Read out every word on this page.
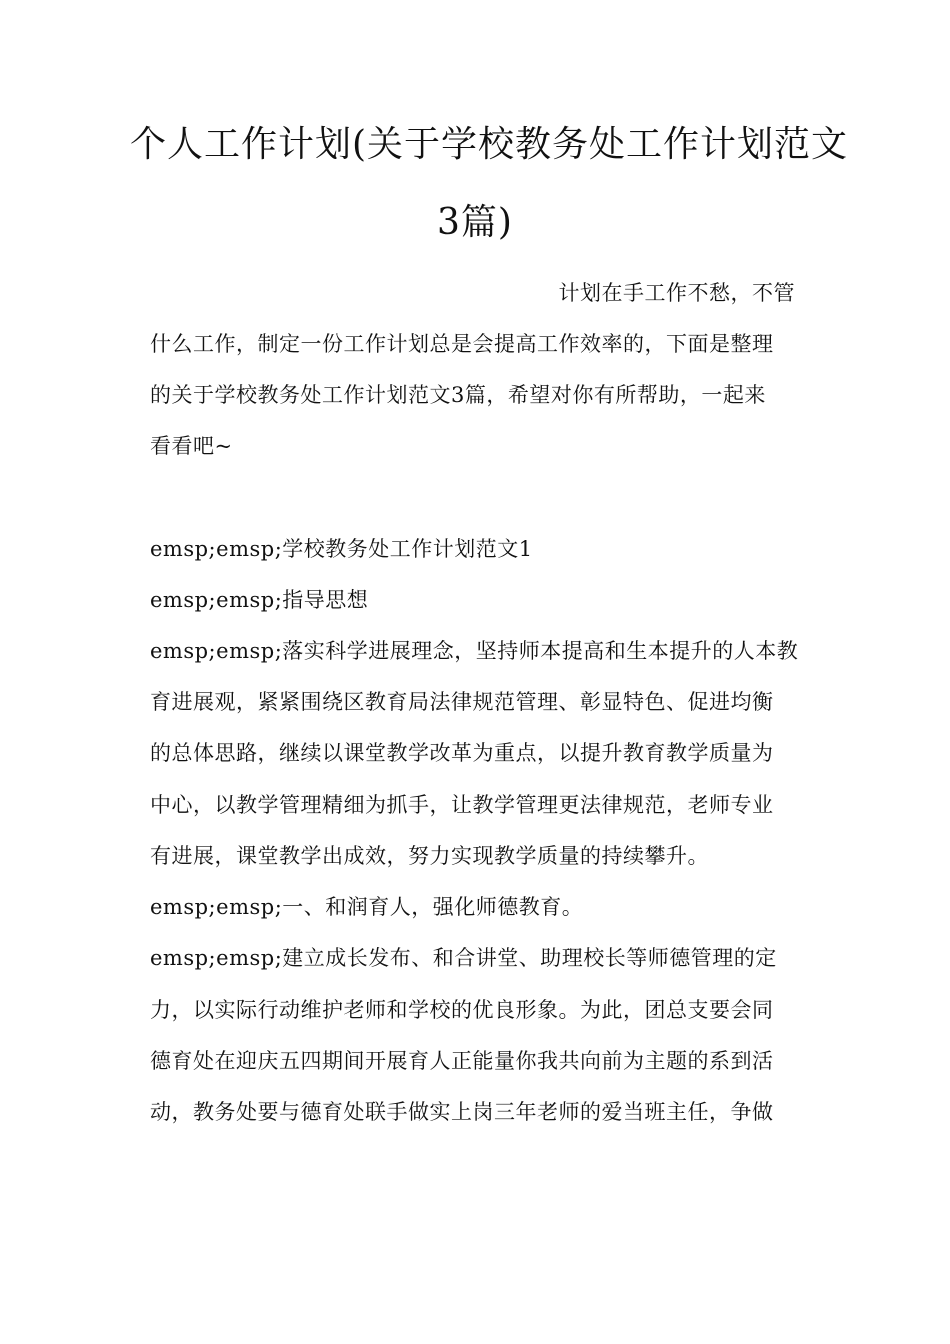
个人工作计划(关于学校教务处工作计划范文
3篇)
计划在手工作不愁，不管
什么工作，制定一份工作计划总是会提高工作效率的，下面是整理
的关于学校教务处工作计划范文3篇，希望对你有所帮助，一起来
看看吧~
emsp;emsp;学校教务处工作计划范文1
emsp;emsp;指导思想
emsp;emsp;落实科学进展理念，坚持师本提高和生本提升的人本教
育进展观，紧紧围绕区教育局法律规范管理、彰显特色、促进均衡
的总体思路，继续以课堂教学改革为重点，以提升教育教学质量为
中心，以教学管理精细为抓手，让教学管理更法律规范，老师专业
有进展，课堂教学出成效，努力实现教学质量的持续攀升。
emsp;emsp;一、和润育人，强化师德教育。
emsp;emsp;建立成长发布、和合讲堂、助理校长等师德管理的定
力，以实际行动维护老师和学校的优良形象。为此，团总支要会同
德育处在迎庆五四期间开展育人正能量你我共向前为主题的系到活
动，教务处要与德育处联手做实上岗三年老师的爱当班主任，争做
